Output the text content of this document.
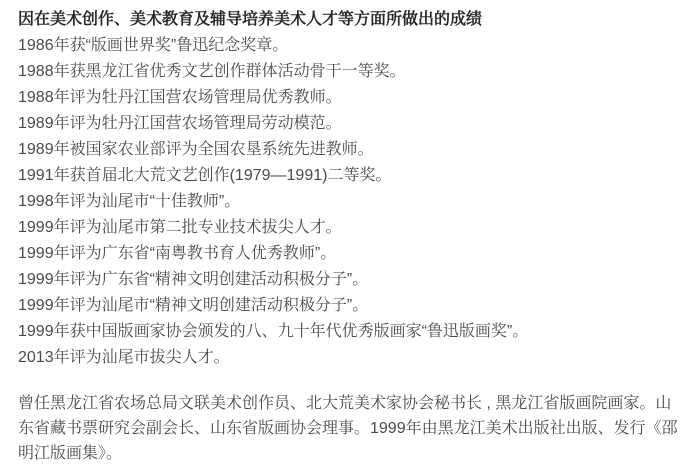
因在美术创作、美术教育及辅导培养美术人才等方面所做出的成绩
1986年获“版画世界奖”鲁迅纪念奖章。
1988年获黑龙江省优秀文艺创作群体活动骨干一等奖。
1988年评为牡丹江国营农场管理局优秀教师。
1989年评为牡丹江国营农场管理局劳动模范。
1989年被国家农业部评为全国农垦系统先进教师。
1991年获首届北大荒文艺创作(1979—1991)二等奖。
1998年评为汕尾市“十佳教师”。
1999年评为汕尾市第二批专业技术拔尖人才。
1999年评为广东省“南粤教书育人优秀教师”。
1999年评为广东省“精神文明创建活动积极分子”。
1999年评为汕尾市“精神文明创建活动积极分子”。
1999年获中国版画家协会颁发的八、九十年代优秀版画家“鲁迅版画奖”。
2013年评为汕尾市拔尖人才。

曾任黑龙江省农场总局文联美术创作员、北大荒美术家协会秘书长 , 黑龙江省版画院画家。山东省藏书票研究会副会长、山东省版画协会理事。1999年由黑龙江美术出版社出版、发行《邵明江版画集》。
